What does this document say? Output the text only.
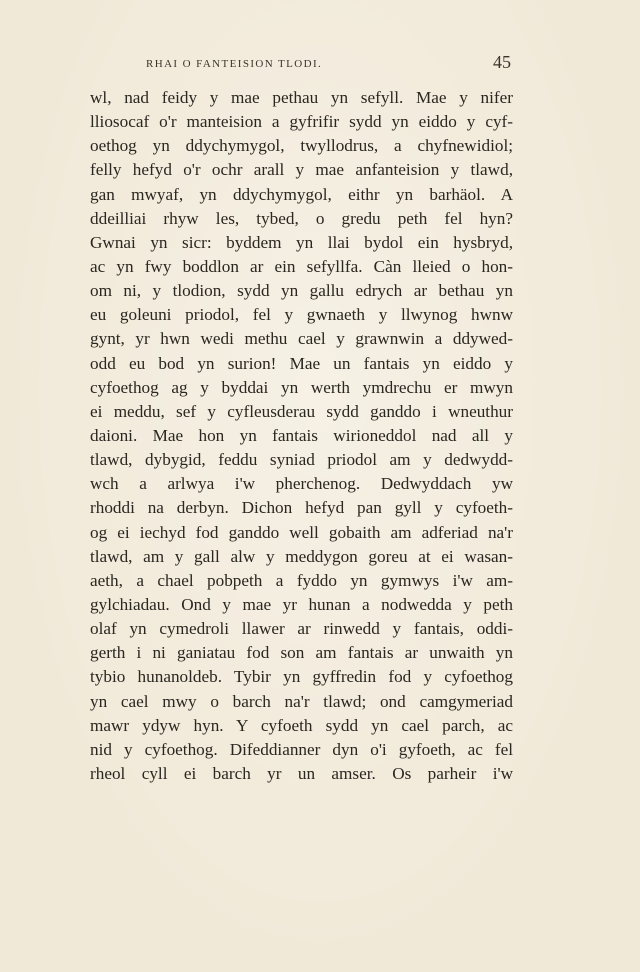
RHAI O FANTEISION TLODI.	45
wl, nad feidy y mae pethau yn sefyll. Mae y nifer
lliosocaf o'r manteision a gyfrifir sydd yn eiddo y cyf-
oethog yn ddychymygol, twyllodrus, a chyfnewidiol;
felly hefyd o'r ochr arall y mae anfanteision y tlawd,
gan mwyaf, yn ddychymygol, eithr yn barhäol. A
ddeilliai rhyw les, tybed, o gredu peth fel hyn?
Gwnai yn sicr: byddem yn llai bydol ein hysbryd,
ac yn fwy boddlon ar ein sefyllfa. Càn lleied o hon-
om ni, y tlodion, sydd yn gallu edrych ar bethau yn
eu goleuni priodol, fel y gwnaeth y llwynog hwnw
gynt, yr hwn wedi methu cael y grawnwin a ddywed-
odd eu bod yn surion! Mae un fantais yn eiddo y
cyfoethog ag y byddai yn werth ymdrechu er mwyn
ei meddu, sef y cyfleusderau sydd ganddo i wneuthur
daioni. Mae hon yn fantais wirioneddol nad all y
tlawd, dybygid, feddu syniad priodol am y dedwydd-
wch a arlwya i'w pherchenog. Dedwyddach yw
rhoddi na derbyn. Dichon hefyd pan gyll y cyfoeth-
og ei iechyd fod ganddo well gobaith am adferiad na'r
tlawd, am y gall alw y meddygon goreu at ei wasan-
aeth, a chael pobpeth a fyddo yn gymwys i'w am-
gylchiadau. Ond y mae yr hunan a nodwedda y peth
olaf yn cymedroli llawer ar rinwedd y fantais, oddi-
gerth i ni ganiatau fod son am fantais ar unwaith yn
tybio hunanoldeb. Tybir yn gyffredin fod y cyfoethog
yn cael mwy o barch na'r tlawd; ond camgymeriad
mawr ydyw hyn. Y cyfoeth sydd yn cael parch, ac
nid y cyfoethog. Difeddianner dyn o'i gyfoeth, ac fel
rheol cyll ei barch yr un amser. Os parheir i'w
